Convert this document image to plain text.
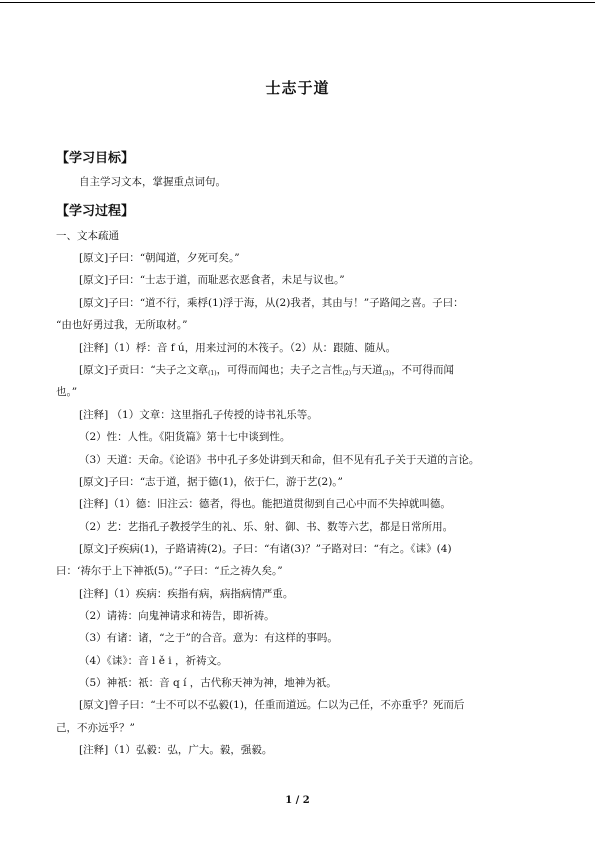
士志于道
【学习目标】
自主学习文本，掌握重点词句。
【学习过程】
一、文本疏通
[原文]子曰：“朝闻道，夕死可矣。”
[原文]子曰：“士志于道，而耻恶衣恶食者，未足与议也。”
[原文]子曰：“道不行，乘桴(1)浮于海，从(2)我者，其由与！”子路闻之喜。子曰：
“由也好勇过我，无所取材。”
[注释]（1）桴：音 f ú，用来过河的木筏子。（2）从：跟随、随从。
[原文]子贡曰：“夫子之文章$_{(1)}$，可得而闻也；夫子之言性$_{(2)}$与天道$_{(3)}$，不可得而闻
也。”
[注释] （1）文章：这里指孔子传授的诗书礼乐等。
（2）性：人性。《阳货篇》第十七中谈到性。
（3）天道：天命。《论语》书中孔子多处讲到天和命，但不见有孔子关于天道的言论。
[原文]子曰：“志于道，据于德(1)，依于仁，游于艺(2)。”
[注释]（1）德：旧注云：德者，得也。能把道贯彻到自己心中而不失掉就叫德。
（2）艺：艺指孔子教授学生的礼、乐、射、御、书、数等六艺，都是日常所用。
[原文]子疾病(1)，子路请祷(2)。子曰：“有诸(3)？”子路对曰：“有之。《诔》(4)
曰：‘祷尔于上下神祇(5)。’”子曰：“丘之祷久矣。”
[注释]（1）疾病：疾指有病，病指病情严重。
（2）请祷：向鬼神请求和祷告，即祈祷。
（3）有诸：诸，“之于”的合音。意为：有这样的事吗。
（4）《诔》：音 l ě i ，祈祷文。
（5）神祇：祇：音 q í ，古代称天神为神，地神为祇。
[原文]曾子曰：“士不可以不弘毅(1)，任重而道远。仁以为己任，不亦重乎？死而后
己，不亦远乎？”
[注释]（1）弘毅：弘，广大。毅，强毅。
1 / 2
